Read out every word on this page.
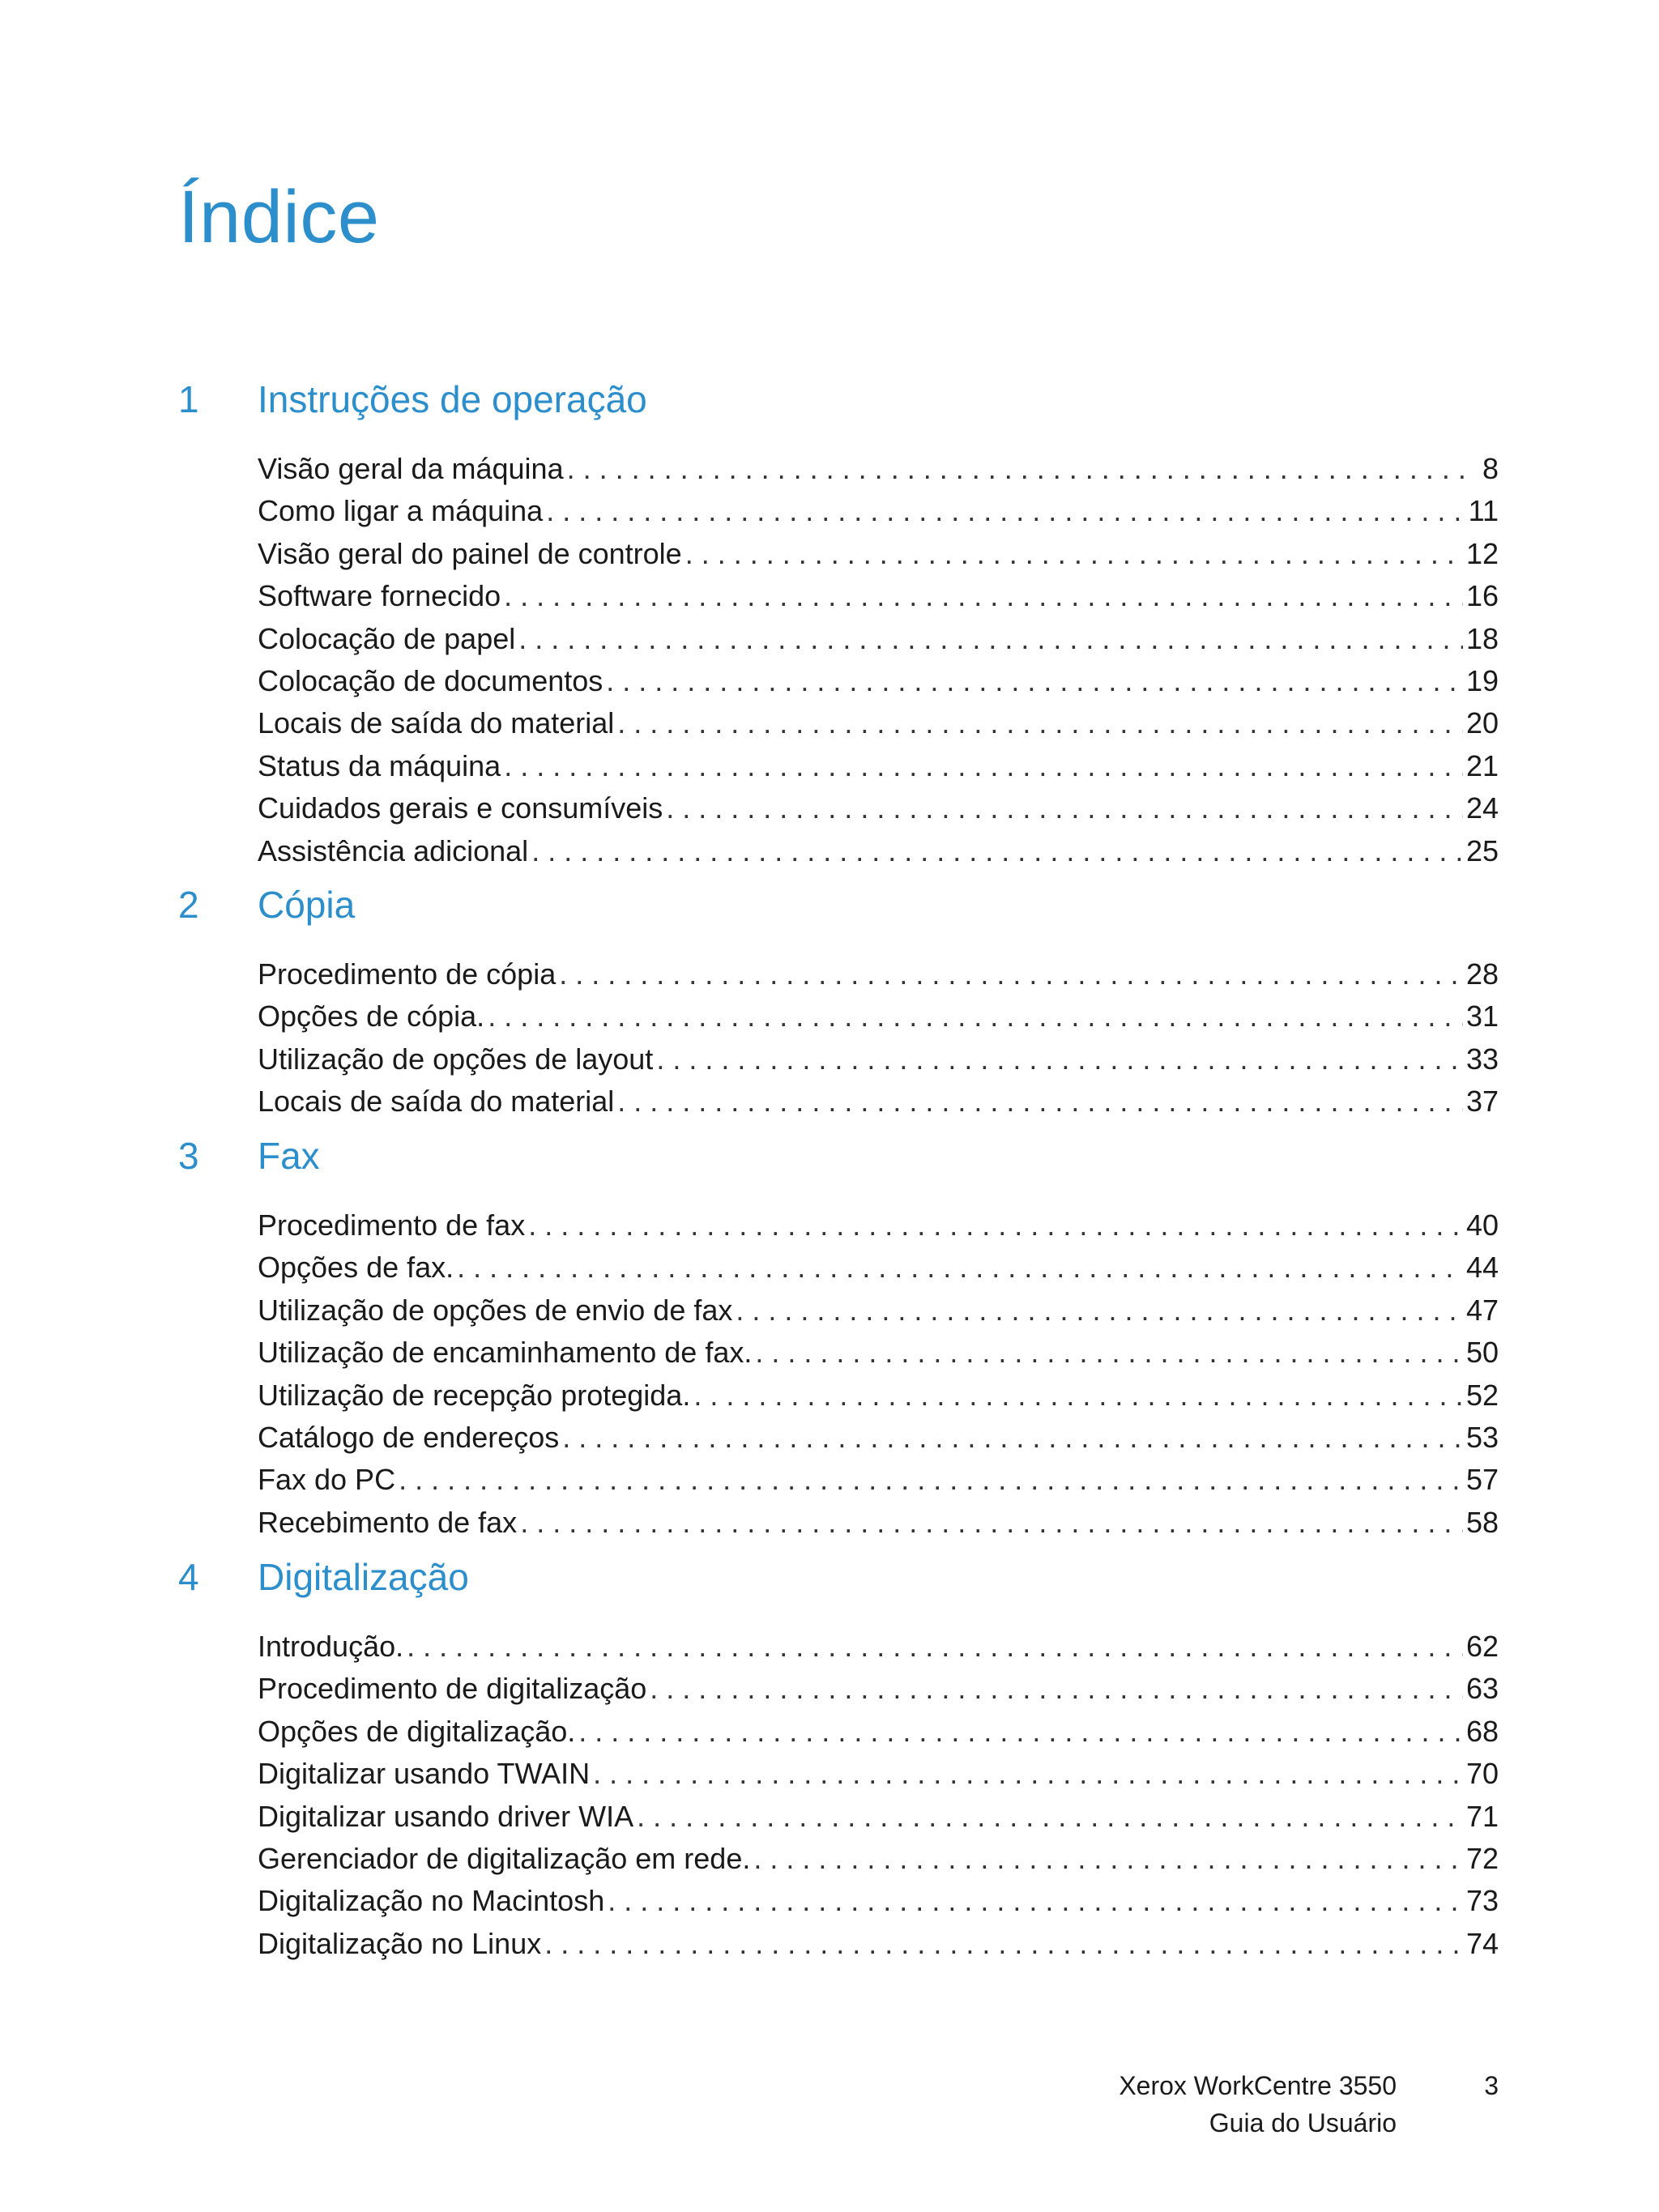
Índice
1 Instruções de operação
Visão geral da máquina . . .	8
Como ligar a máquina . . .	11
Visão geral do painel de controle . . .	12
Software fornecido . . .	16
Colocação de papel . . .	18
Colocação de documentos . . .	19
Locais de saída do material . . .	20
Status da máquina . . .	21
Cuidados gerais e consumíveis . . .	24
Assistência adicional . . .	25
2 Cópia
Procedimento de cópia . . .	28
Opções de cópia. . . .	31
Utilização de opções de layout . . .	33
Locais de saída do material . . .	37
3 Fax
Procedimento de fax . . .	40
Opções de fax. . . .	44
Utilização de opções de envio de fax . . .	47
Utilização de encaminhamento de fax. . . .	50
Utilização de recepção protegida. . . .	52
Catálogo de endereços . . .	53
Fax do PC . . .	57
Recebimento de fax . . .	58
4 Digitalização
Introdução. . . .	62
Procedimento de digitalização . . .	63
Opções de digitalização. . . .	68
Digitalizar usando TWAIN . . .	70
Digitalizar usando driver WIA . . .	71
Gerenciador de digitalização em rede. . . .	72
Digitalização no Macintosh . . .	73
Digitalização no Linux . . .	74
Xerox WorkCentre 3550
Guia do Usuário
3
